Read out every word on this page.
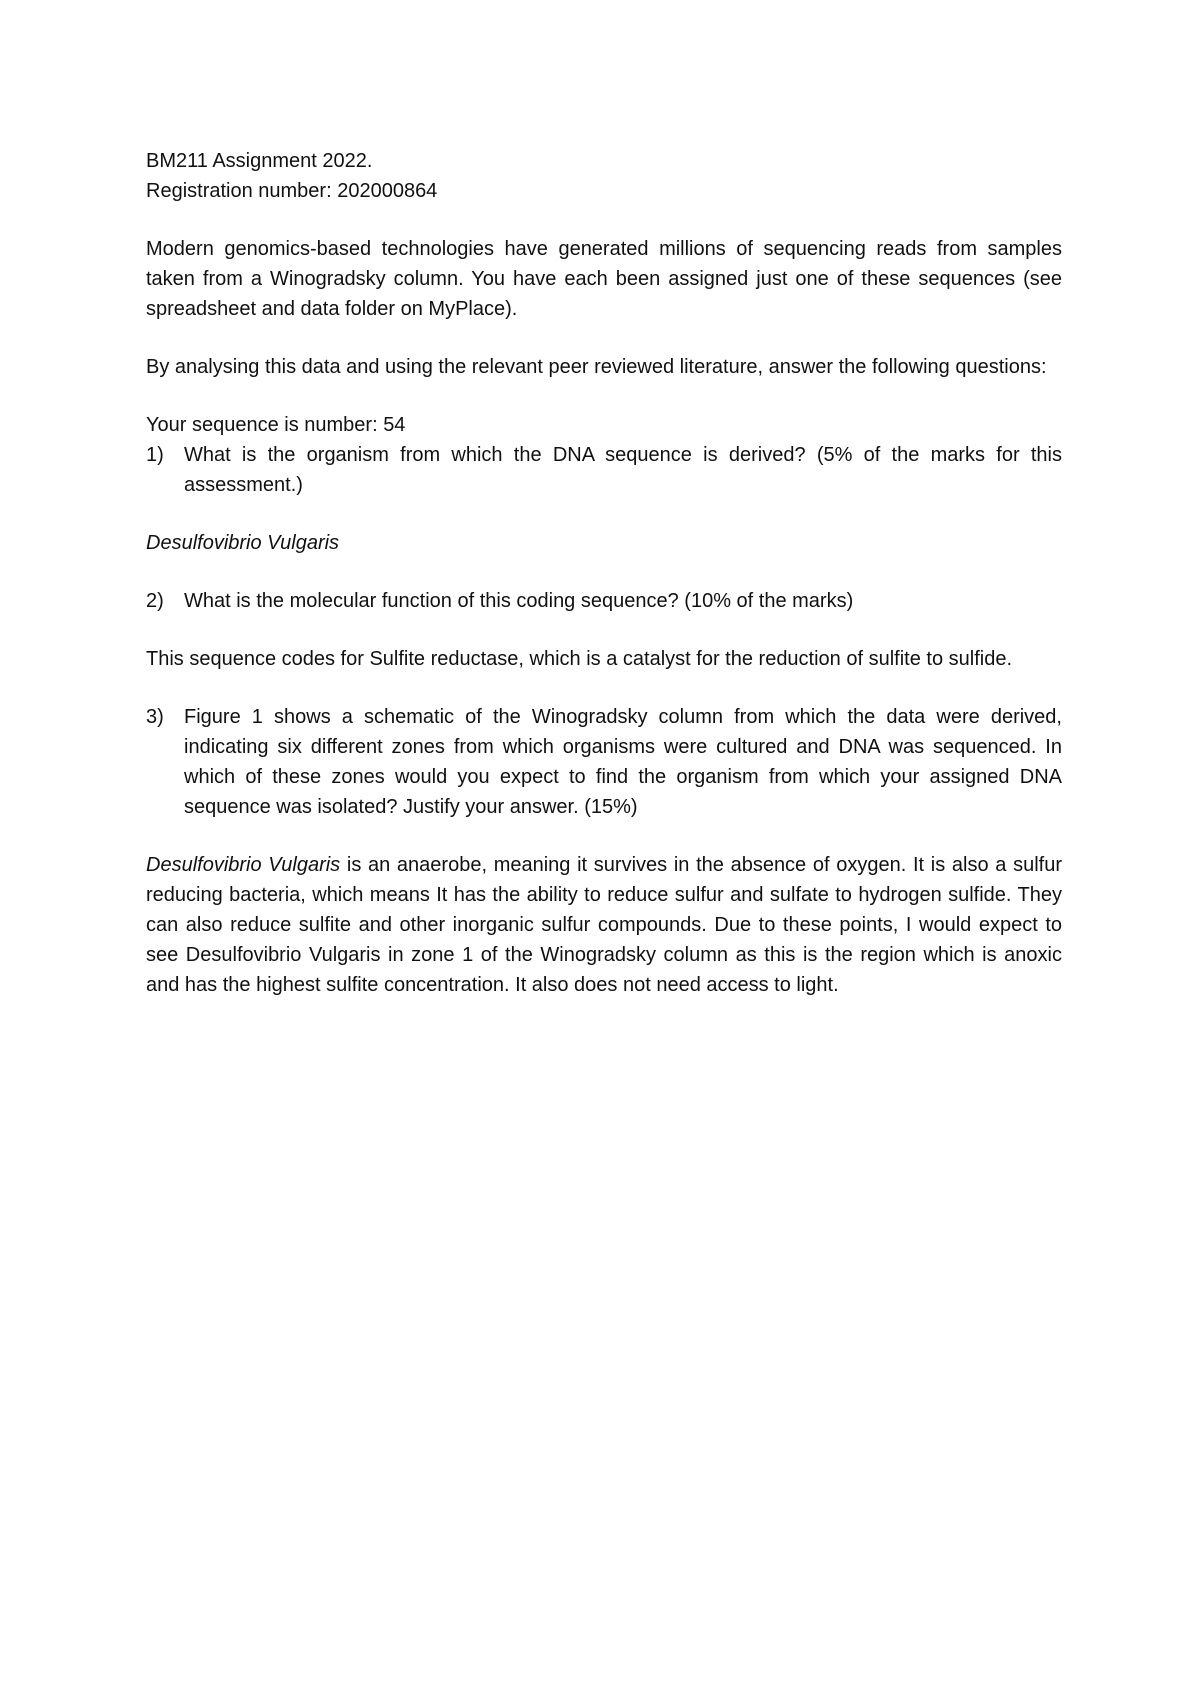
BM211 Assignment 2022.

Registration number: 202000864

Modern genomics-based technologies have generated millions of sequencing reads from samples taken from a Winogradsky column. You have each been assigned just one of these sequences (see spreadsheet and data folder on MyPlace).

By analysing this data and using the relevant peer reviewed literature, answer the following questions:

Your sequence is number: 54

1)	What is the organism from which the DNA sequence is derived? (5% of the marks for this assessment.)

Desulfovibrio Vulgaris

2)	What is the molecular function of this coding sequence? (10% of the marks)

This sequence codes for Sulfite reductase, which is a catalyst for the reduction of sulfite to sulfide.

3)	Figure 1 shows a schematic of the Winogradsky column from which the data were derived, indicating six different zones from which organisms were cultured and DNA was sequenced. In which of these zones would you expect to find the organism from which your assigned DNA sequence was isolated? Justify your answer. (15%)

Desulfovibrio Vulgaris is an anaerobe, meaning it survives in the absence of oxygen. It is also a sulfur reducing bacteria, which means It has the ability to reduce sulfur and sulfate to hydrogen sulfide. They can also reduce sulfite and other inorganic sulfur compounds. Due to these points, I would expect to see Desulfovibrio Vulgaris in zone 1 of the Winogradsky column as this is the region which is anoxic and has the highest sulfite concentration. It also does not need access to light.
